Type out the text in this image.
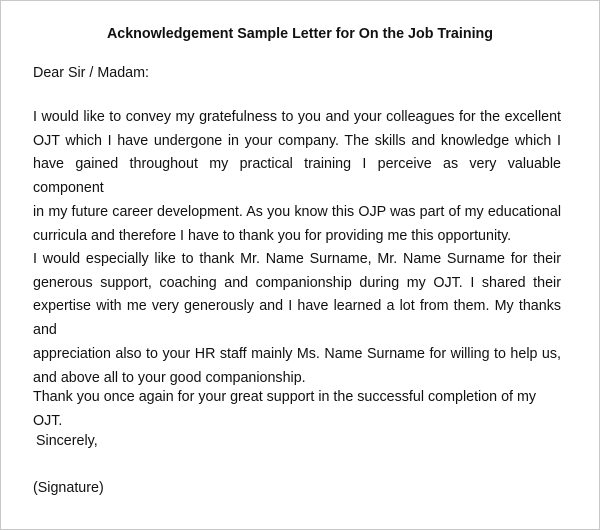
Acknowledgement Sample Letter for On the Job Training
Dear Sir / Madam:
I would like to convey my gratefulness to you and your colleagues for the excellent
OJT which I have undergone in your company. The skills and knowledge which I
have gained throughout my practical training I perceive as very valuable component
in my future career development. As you know this OJP was part of my educational
curricula and therefore I have to thank you for providing me this opportunity.
I would especially like to thank Mr. Name Surname, Mr. Name Surname for their
generous support, coaching and companionship during my OJT. I shared their
expertise with me very generously and I have learned a lot from them. My thanks and
appreciation also to your HR staff mainly Ms. Name Surname for willing to help us,
and above all to your good companionship.
Thank you once again for your great support in the successful completion of my OJT.
Sincerely,
(Signature)
